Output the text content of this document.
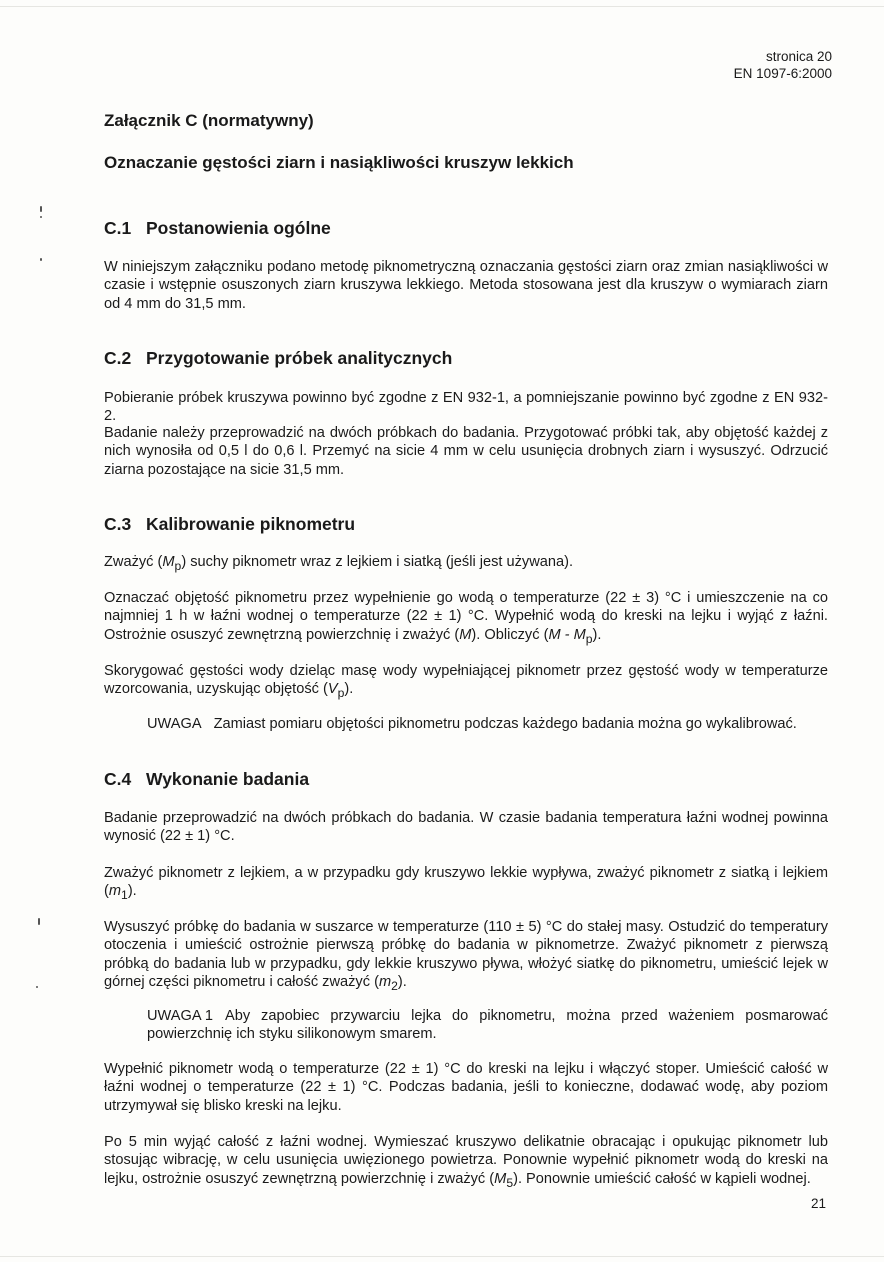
stronica 20
EN 1097-6:2000
Załącznik C (normatywny)
Oznaczanie gęstości ziarn i nasiąkliwości kruszyw lekkich
C.1 Postanowienia ogólne

W niniejszym załączniku podano metodę piknometryczną oznaczania gęstości ziarn oraz zmian nasiąkliwości w czasie i wstępnie osuszonych ziarn kruszywa lekkiego. Metoda stosowana jest dla kruszyw o wymiarach ziarn od 4 mm do 31,5 mm.

C.2 Przygotowanie próbek analitycznych

Pobieranie próbek kruszywa powinno być zgodne z EN 932-1, a pomniejszanie powinno być zgodne z EN 932-2.

Badanie należy przeprowadzić na dwóch próbkach do badania. Przygotować próbki tak, aby objętość każdej z nich wynosiła od 0,5 l do 0,6 l. Przemyć na sicie 4 mm w celu usunięcia drobnych ziarn i wysuszyć. Odrzucić ziarna pozostające na sicie 31,5 mm.

C.3 Kalibrowanie piknometru

Zważyć $(M_p)$ suchy piknometr wraz z lejkiem i siatką (jeśli jest używana).

Oznaczać objętość piknometru przez wypełnienie go wodą o temperaturze (22 ± 3) °C i umieszczenie na co najmniej 1 h w łaźni wodnej o temperaturze (22 ± 1) °C. Wypełnić wodą do kreski na lejku i wyjąć z łaźni. Ostrożnie osuszyć zewnętrzną powierzchnię i zważyć (M). Obliczyć $(M - M_p)$.

Skorygować gęstości wody dzieląc masę wody wypełniającej piknometr przez gęstość wody w temperaturze wzorcowania, uzyskując objętość $(V_p)$.

UWAGA Zamiast pomiaru objętości piknometru podczas każdego badania można go wykalibrować.

C.4 Wykonanie badania

Badanie przeprowadzić na dwóch próbkach do badania. W czasie badania temperatura łaźni wodnej powinna wynosić (22 ± 1) °C.

Zważyć piknometr z lejkiem, a w przypadku gdy kruszywo lekkie wypływa, zważyć piknometr z siatką i lejkiem $(m_1)$.

Wysuszyć próbkę do badania w suszarce w temperaturze (110 ± 5) °C do stałej masy. Ostudzić do temperatury otoczenia i umieścić ostrożnie pierwszą próbkę do badania w piknometrze. Zważyć piknometr z pierwszą próbką do badania lub w przypadku, gdy lekkie kruszywo pływa, włożyć siatkę do piknometru, umieścić lejek w górnej części piknometru i całość zważyć $(m_2)$.

UWAGA 1 Aby zapobiec przywarciu lejka do piknometru, można przed ważeniem posmarować powierzchnię ich styku silikonowym smarem.

Wypełnić piknometr wodą o temperaturze (22 ± 1) °C do kreski na lejku i włączyć stoper. Umieścić całość w łaźni wodnej o temperaturze (22 ± 1) °C. Podczas badania, jeśli to konieczne, dodawać wodę, aby poziom utrzymywał się blisko kreski na lejku.

Po 5 min wyjąć całość z łaźni wodnej. Wymieszać kruszywo delikatnie obracając i opukując piknometr lub stosując wibrację, w celu usunięcia uwięzionego powietrza. Ponownie wypełnić piknometr wodą do kreski na lejku, ostrożnie osuszyć zewnętrzną powierzchnię i zważyć $(M_5)$. Ponownie umieścić całość w kąpieli wodnej.

21
